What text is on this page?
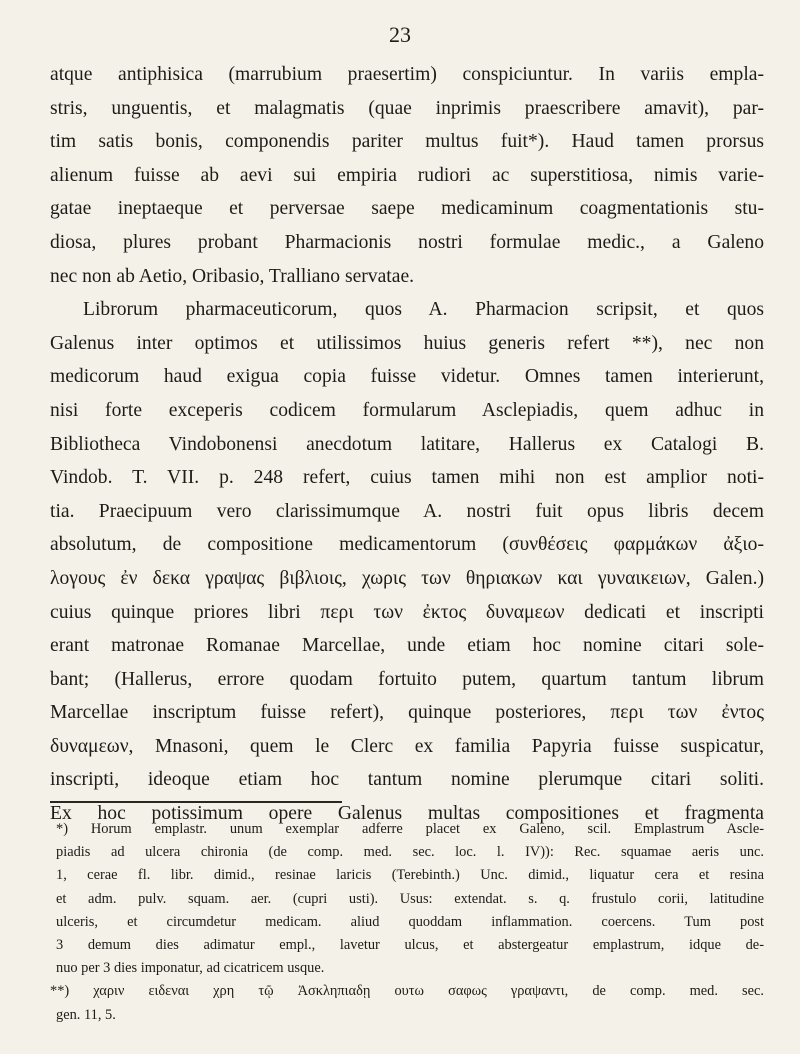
23
atque antiphisica (marrubium praesertim) conspiciuntur. In variis empla-
stris, unguentis, et malagmatis (quae inprimis praescribere amavit), par-
tim satis bonis, componendis pariter multus fuit*). Haud tamen prorsus
alienum fuisse ab aevi sui empiria rudiori ac superstitiosa, nimis varie-
gatae ineptaeque et perversae saepe medicaminum coagmentationis stu-
diosa, plures probant Pharmacionis nostri formulae medic., a Galeno
nec non ab Aetio, Oribasio, Tralliano servatae.
Librorum pharmaceuticorum, quos A. Pharmacion scripsit, et quos
Galenus inter optimos et utilissimos huius generis refert **), nec non
medicorum haud exigua copia fuisse videtur. Omnes tamen interierunt,
nisi forte exceperis codicem formularum Asclepiadis, quem adhuc in
Bibliotheca Vindobonensi anecdotum latitare, Hallerus ex Catalogi B.
Vindob. T. VII. p. 248 refert, cuius tamen mihi non est amplior noti-
tia. Praecipuum vero clarissimumque A. nostri fuit opus libris decem
absolutum, de compositione medicamentorum (συνθέσεις φαρμάκων ἀξιο-
λογους ἐν δεκα γραψας βιβλιοις, χωρις των θηριακων και γυναικειων, Galen.)
cuius quinque priores libri περι των ἐκτος δυναμεων dedicati et inscripti
erant matronae Romanae Marcellae, unde etiam hoc nomine citari sole-
bant; (Hallerus, errore quodam fortuito putem, quartum tantum librum
Marcellae inscriptum fuisse refert), quinque posteriores, περι των ἐντος
δυναμεων, Mnasoni, quem le Clerc ex familia Papyria fuisse suspicatur,
inscripti, ideoque etiam hoc tantum nomine plerumque citari soliti.
Ex hoc potissimum opere Galenus multas compositiones et fragmenta
*) Horum emplastr. unum exemplar adferre placet ex Galeno, scil. Emplastrum Ascle-
piadis ad ulcera chironia (de comp. med. sec. loc. l. IV)): Rec. squamae aeris unc.
1, cerae fl. libr. dimid., resinae laricis (Terebinth.) Unc. dimid., liquatur cera et resina
et adm. pulv. squam. aer. (cupri usti). Usus: extendat. s. q. frustulo corii, latitudine
ulceris, et circumdetur medicam. aliud quoddam inflammation. coercens. Tum post
3 demum dies adimatur empl., lavetur ulcus, et abstergeatur emplastrum, idque de-
nuo per 3 dies imponatur, ad cicatricem usque.
**) χαριν ειδεναι χρη τῷ Ἀσκληπιαδῃ ουτω σαφως γραψαντι, de comp. med. sec.
gen. 11, 5.
